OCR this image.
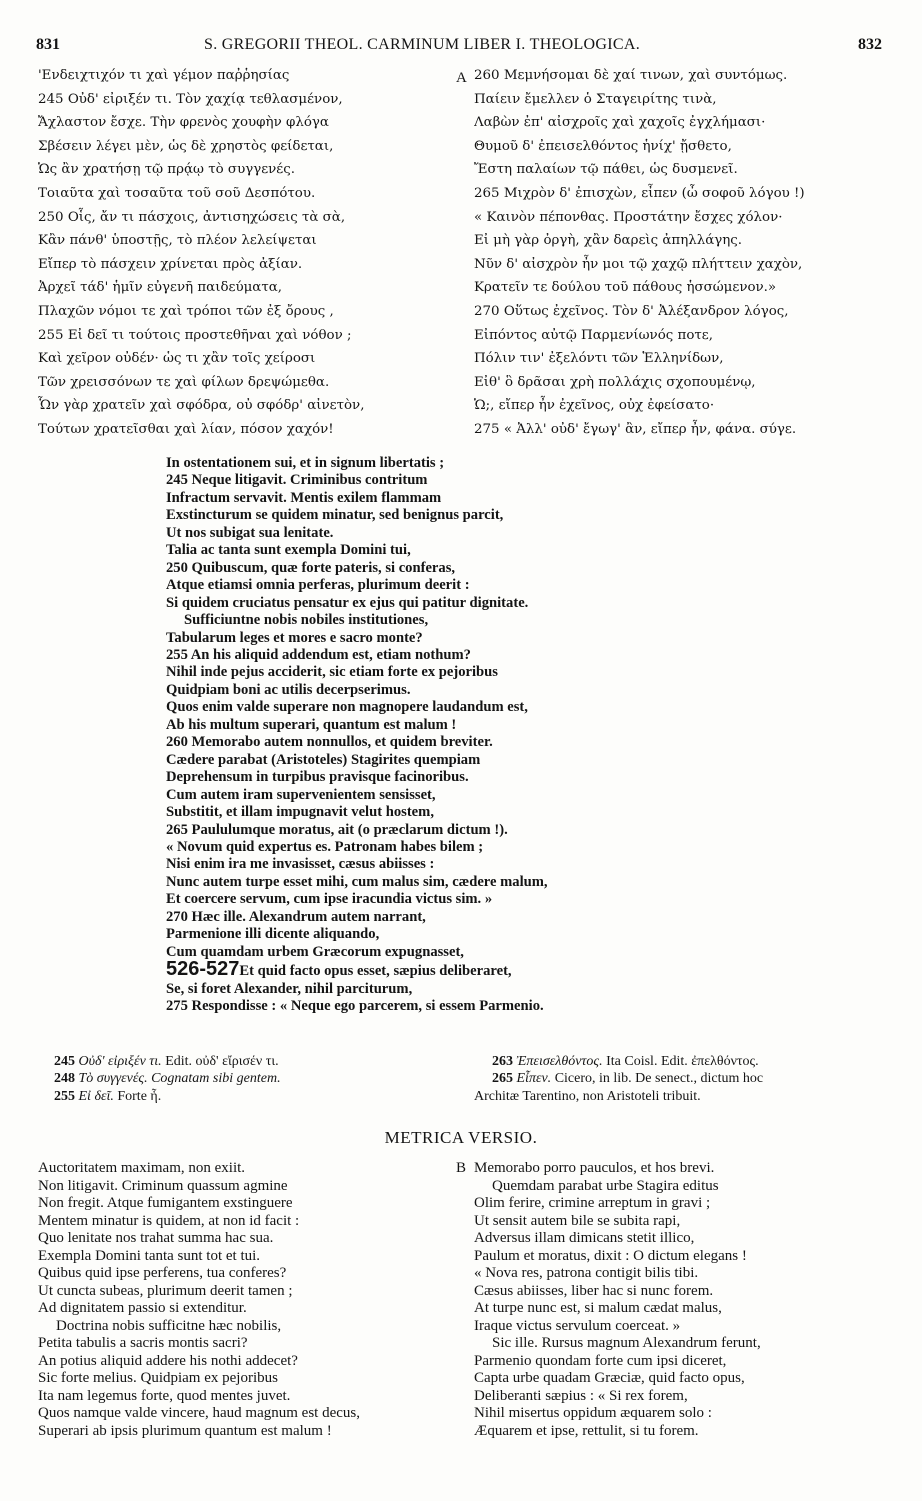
831	S. GREGORII THEOL. CARMINUM LIBER I. THEOLOGICA.	832
'Ενδειχτιχόν τι χαὶ γέμον παῤῥησίας
245 Οὐδ' εἰριξέν τι. Τὸν χαχίᾳ τεθλασμένον,
Ἄχλαστον ἔσχε. Τὴν φρενὸς χουφὴν φλόγα
Σβέσειν λέγει μὲν, ὡς δὲ χρηστὸς φείδεται,
Ὡς ἂν χρατήσῃ τῷ πρᾴῳ τὸ συγγενές.
Τοιαῦτα χαὶ τοσαῦτα τοῦ σοῦ Δεσπότου.
250 Οἷς, ἄν τι πάσχοις, ἀντισηχώσεις τὰ σὰ,
Κἂν πάνθ' ὑποστῇς, τὸ πλέον λελείψεται
Εἴπερ τὸ πάσχειν χρίνεται πρὸς ἀξίαν.
Ἀρχεῖ τάδ' ἡμῖν εὐγενῆ παιδεύματα,
Πλαχῶν νόμοι τε χαὶ τρόποι τῶν ἐξ ὄρους ,
255 Εἰ δεῖ τι τούτοις προστεθῆναι χαὶ νόθον ;
Καὶ χεῖρον οὐδέν· ὡς τι χἂν τοῖς χείροσι
Τῶν χρεισσόνων τε χαὶ φίλων δρεψώμεθα.
Ὧν γὰρ χρατεῖν χαὶ σφόδρα, οὐ σφόδρ' αἰνετὸν,
Τούτων χρατεῖσθαι χαὶ λίαν, πόσον χαχόν!
A 260 Μεμνήσομαι δὲ χαί τινων, χαὶ συντόμως.
Παίειν ἔμελλεν ὁ Σταγειρίτης τινὰ,
Λαβὼν ἐπ' αἰσχροῖς χαὶ χαχοῖς ἐγχλήμασι·
Θυμοῦ δ' ἐπεισελθόντος ἡνίχ' ᾔσθετο,
Ἔστη παλαίων τῷ πάθει, ὡς δυσμενεῖ.
265 Μιχρὸν δ' ἐπισχὼν, εἶπεν (ὦ σοφοῦ λόγου !)
« Καινὸν πέπονθας. Προστάτην ἔσχες χόλον·
Εἰ μὴ γὰρ ὀργὴ, χἂν δαρεὶς ἀπηλλάγης.
Νῦν δ' αἰσχρὸν ἦν μοι τῷ χαχῷ πλήττειν χαχὸν,
Κρατεῖν τε δούλου τοῦ πάθους ἡσσώμενον.»
270 Οὕτως ἐχεῖνος. Τὸν δ' Ἀλέξανδρον λόγος,
Εἰπόντος αὐτῷ Παρμενίωνός ποτε,
Πόλιν τιν' ἐξελόντι τῶν Ἑλληνίδων,
Εἰθ' ὃ δρᾶσαι χρὴ πολλάχις σχοπουμένῳ,
Ὡ;, εἴπερ ἦν ἐχεῖνος, οὐχ ἐφείσατο·
275 « Ἀλλ' οὐδ' ἔγωγ' ἂν, εἴπερ ἦν, φάνα. σύγε.
In ostentationem sui, et in signum libertatis ;
245 Neque litigavit. Criminibus contritum
Infractum servavit. Mentis exilem flammam
Exstincturum se quidem minatur, sed benignus parcit,
Ut nos subigat sua lenitate.
Talia ac tanta sunt exempla Domini tui,
250 Quibuscum, quæ forte pateris, si conferas,
Atque etiamsi omnia perferas, plurimum deerit :
Si quidem cruciatus pensatur ex ejus qui patitur dignitate.
Sufficiuntne nobis nobiles institutiones,
Tabularum leges et mores e sacro monte?
255 An his aliquid addendum est, etiam nothum?
Nihil inde pejus acciderit, sic etiam forte ex pejoribus
Quidpiam boni ac utilis decerpserimus.
Quos enim valde superare non magnopere laudandum est,
Ab his multum superari, quantum est malum !
260 Memorabo autem nonnullos, et quidem breviter.
Cædere parabat (Aristoteles) Stagirites quempiam
Deprehensum in turpibus pravisque facinoribus.
Cum autem iram supervenientem sensisset,
Substitit, et illam impugnavit velut hostem,
265 Paululumque moratus, ait (o præclarum dictum !).
« Novum quid expertus es. Patronam habes bilem ;
Nisi enim ira me invasisset, cæsus abiisses :
Nunc autem turpe esset mihi, cum malus sim, cædere malum,
Et coercere servum, cum ipse iracundia victus sim. »
270 Hæc ille. Alexandrum autem narrant,
Parmenione illi dicente aliquando,
Cum quamdam urbem Græcorum expugnasset,
526-527Et quid facto opus esset, sæpius deliberaret,
Se, si foret Alexander, nihil parciturum,
275 Respondisse : « Neque ego parcerem, si essem Parmenio.
245 Οὐδ' εἰριξέν τι. Edit. οὐδ' εἴρισέν τι.
248 Τὸ συγγενές. Cognatam sibi gentem.
255 Εἰ δεῖ. Forte ἦ.
263 Ἐπεισελθόντος. Ita Coisl. Edit. ἐπελθόντος.
265 Εἶπεν. Cicero, in lib. De senect., dictum hoc
Architæ Tarentino, non Aristoteli tribuit.
METRICA VERSIO.
Auctoritatem maximam, non exiit.
Non litigavit. Criminum quassum agmine
Non fregit. Atque fumigantem exstinguere
Mentem minatur is quidem, at non id facit :
Quo lenitate nos trahat summa hac sua.
Exempla Domini tanta sunt tot et tui.
Quibus quid ipse perferens, tua conferes?
Ut cuncta subeas, plurimum deerit tamen ;
Ad dignitatem passio si extenditur.
Doctrina nobis sufficitne hæc nobilis,
Petita tabulis a sacris montis sacri?
An potius aliquid addere his nothi addecet?
Sic forte melius. Quidpiam ex pejoribus
Ita nam legemus forte, quod mentes juvet.
Quos namque valde vincere, haud magnum est decus,
Superari ab ipsis plurimum quantum est malum !
B Memorabo porro pauculos, et hos brevi.
Quemdam parabat urbe Stagira editus
Olim ferire, crimine arreptum in gravi ;
Ut sensit autem bile se subita rapi,
Adversus illam dimicans stetit illico,
Paulum et moratus, dixit : O dictum elegans !
« Nova res, patrona contigit bilis tibi.
Cæsus abiisses, liber hac si nunc forem.
At turpe nunc est, si malum cædat malus,
Iraque victus servulum coerceat. »
Sic ille. Rursus magnum Alexandrum ferunt,
Parmenio quondam forte cum ipsi diceret,
Capta urbe quadam Græciæ, quid facto opus,
Deliberanti sæpius : « Si rex forem,
Nihil misertus oppidum æquarem solo :
Æquarem et ipse, rettulit, si tu forem.
